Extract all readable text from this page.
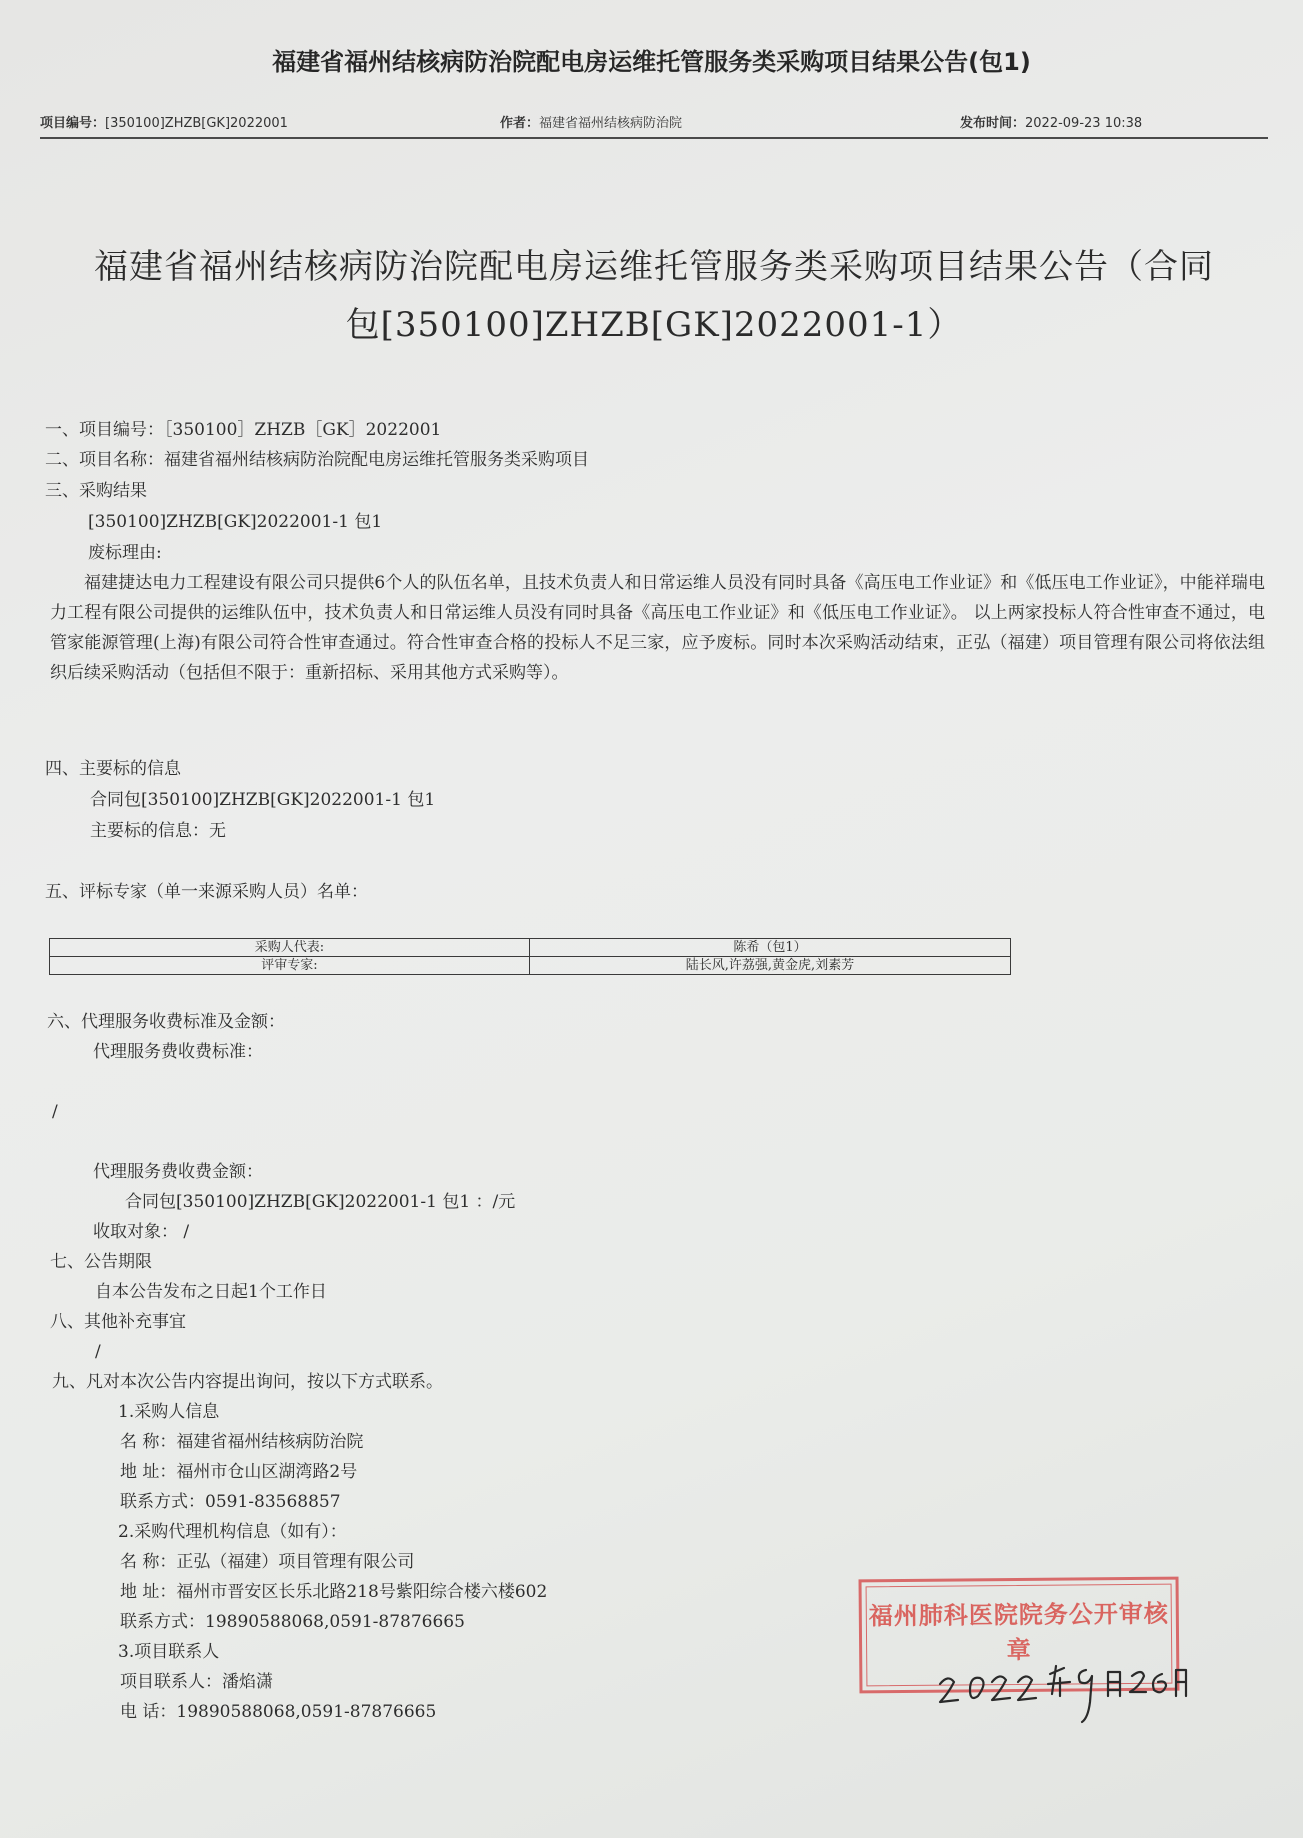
福建省福州结核病防治院配电房运维托管服务类采购项目结果公告(包1)
项目编号：[350100]ZHZB[GK]2022001	作者：福建省福州结核病防治院	发布时间：2022-09-23 10:38
福建省福州结核病防治院配电房运维托管服务类采购项目结果公告（合同
包[350100]ZHZB[GK]2022001-1）
一、项目编号：［350100］ZHZB［GK］2022001
二、项目名称：福建省福州结核病防治院配电房运维托管服务类采购项目
三、采购结果
[350100]ZHZB[GK]2022001-1 包1
废标理由:
福建捷达电力工程建设有限公司只提供6个人的队伍名单，且技术负责人和日常运维人员没有同时具备《高压电工作业证》和《低压电工作业证》，中能祥瑞电力工程有限公司提供的运维队伍中，技术负责人和日常运维人员没有同时具备《高压电工作业证》和《低压电工作业证》。 以上两家投标人符合性审查不通过，电管家能源管理(上海)有限公司符合性审查通过。符合性审查合格的投标人不足三家，应予废标。同时本次采购活动结束，正弘（福建）项目管理有限公司将依法组织后续采购活动（包括但不限于：重新招标、采用其他方式采购等）。
四、主要标的信息
合同包[350100]ZHZB[GK]2022001-1 包1
主要标的信息：无
五、评标专家（单一来源采购人员）名单：
采购人代表:	陈希（包1）
评审专家:	陆长风,许荔强,黄金虎,刘素芳
六、代理服务收费标准及金额：
代理服务费收费标准：
/
代理服务费收费金额：
合同包[350100]ZHZB[GK]2022001-1 包1 ：/元
收取对象： /
七、公告期限
自本公告发布之日起1个工作日
八、其他补充事宜
/
九、凡对本次公告内容提出询问，按以下方式联系。
1.采购人信息
名 称：福建省福州结核病防治院
地 址：福州市仓山区湖湾路2号
联系方式：0591-83568857
2.采购代理机构信息（如有）：
名 称：正弘（福建）项目管理有限公司
地 址：福州市晋安区长乐北路218号紫阳综合楼六楼602
联系方式：19890588068,0591-87876665
3.项目联系人
项目联系人：潘焰潇
电 话：19890588068,0591-87876665
福州肺科医院院务公开审核章
